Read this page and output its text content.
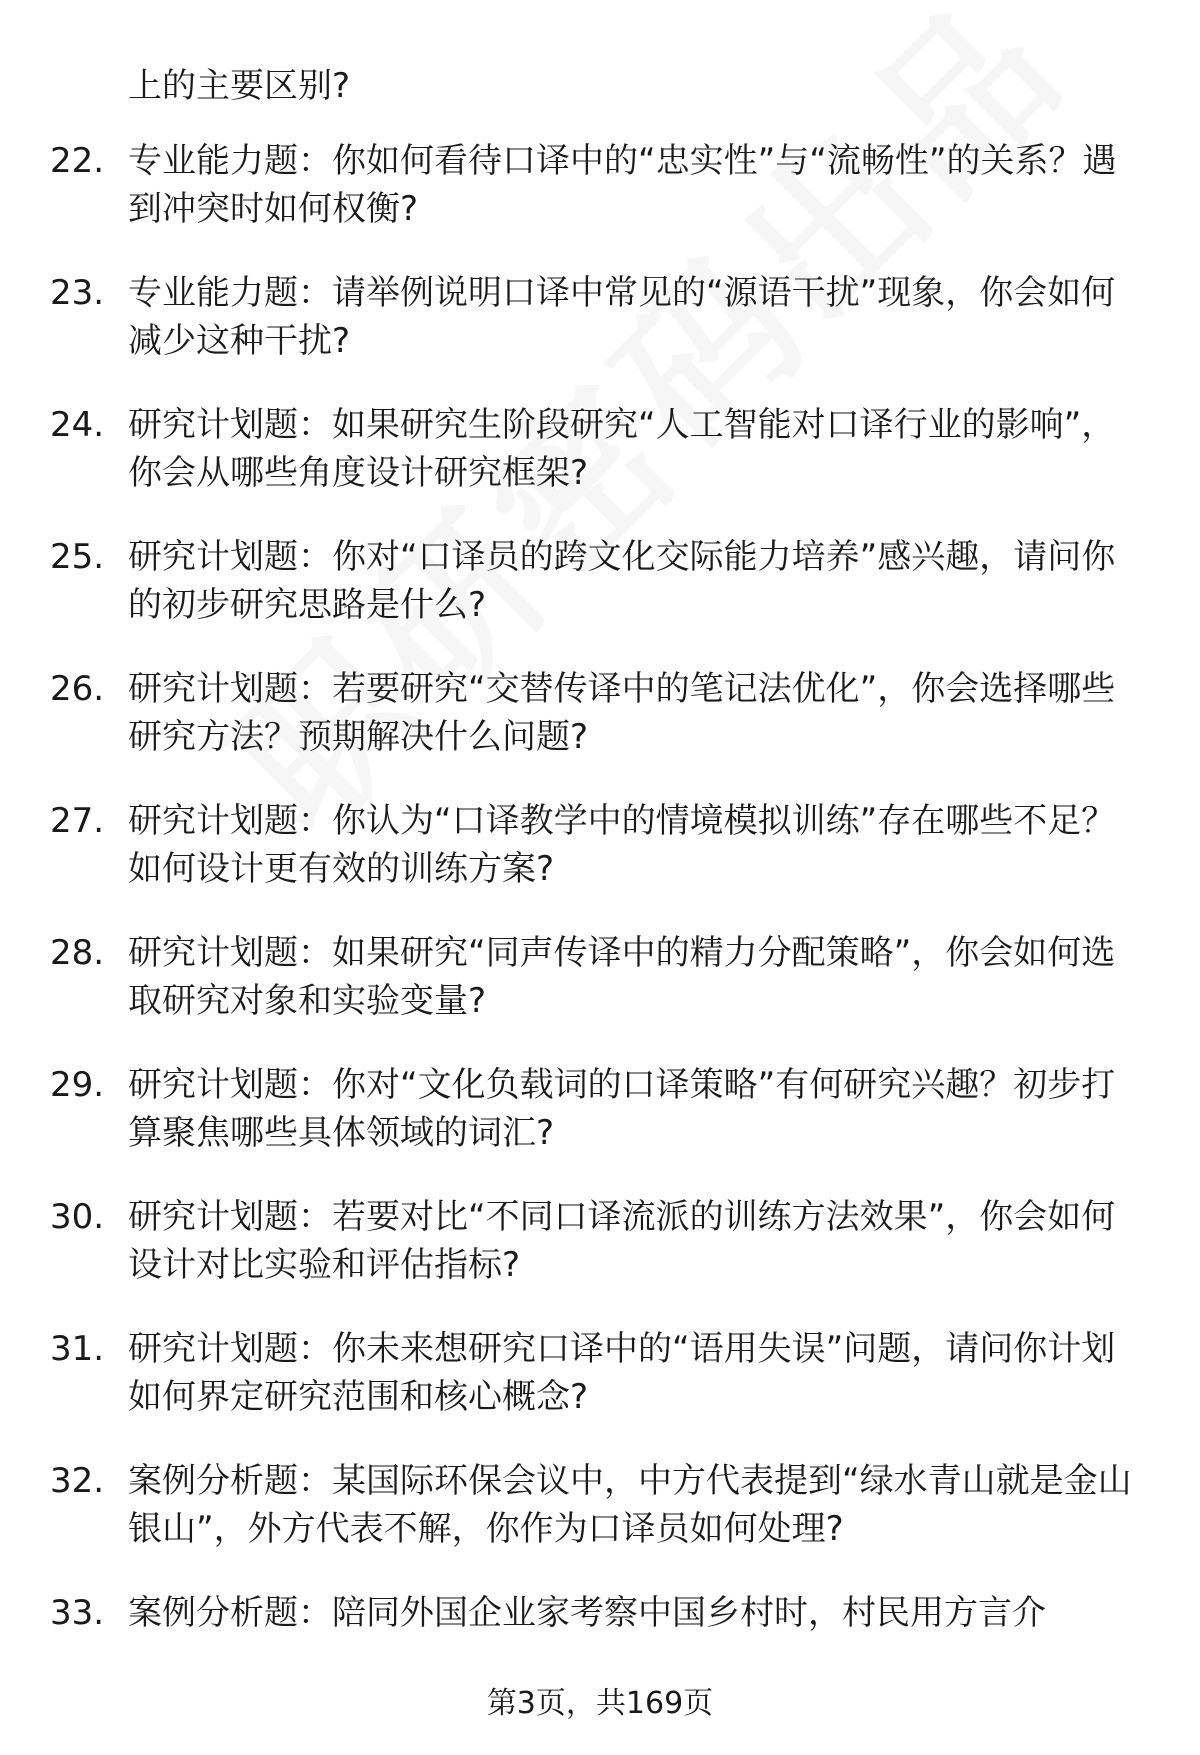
上的主要区别?
22. 专业能力题：你如何看待口译中的“忠实性”与“流畅性”的关系？遇到冲突时如何权衡?
23. 专业能力题：请举例说明口译中常见的“源语干扰”现象，你会如何减少这种干扰?
24. 研究计划题：如果研究生阶段研究“人工智能对口译行业的影响”，你会从哪些角度设计研究框架?
25. 研究计划题：你对“口译员的跨文化交际能力培养”感兴趣，请问你的初步研究思路是什么?
26. 研究计划题：若要研究“交替传译中的笔记法优化”，你会选择哪些研究方法？预期解决什么问题?
27. 研究计划题：你认为“口译教学中的情境模拟训练”存在哪些不足？如何设计更有效的训练方案?
28. 研究计划题：如果研究“同声传译中的精力分配策略”，你会如何选取研究对象和实验变量?
29. 研究计划题：你对“文化负载词的口译策略”有何研究兴趣？初步打算聚焦哪些具体领域的词汇?
30. 研究计划题：若要对比“不同口译流派的训练方法效果”，你会如何设计对比实验和评估指标?
31. 研究计划题：你未来想研究口译中的“语用失误”问题，请问你计划如何界定研究范围和核心概念?
32. 案例分析题：某国际环保会议中，中方代表提到“绿水青山就是金山银山”，外方代表不解，你作为口译员如何处理?
33. 案例分析题：陪同外国企业家考察中国乡村时，村民用方言介
第3页，共169页
